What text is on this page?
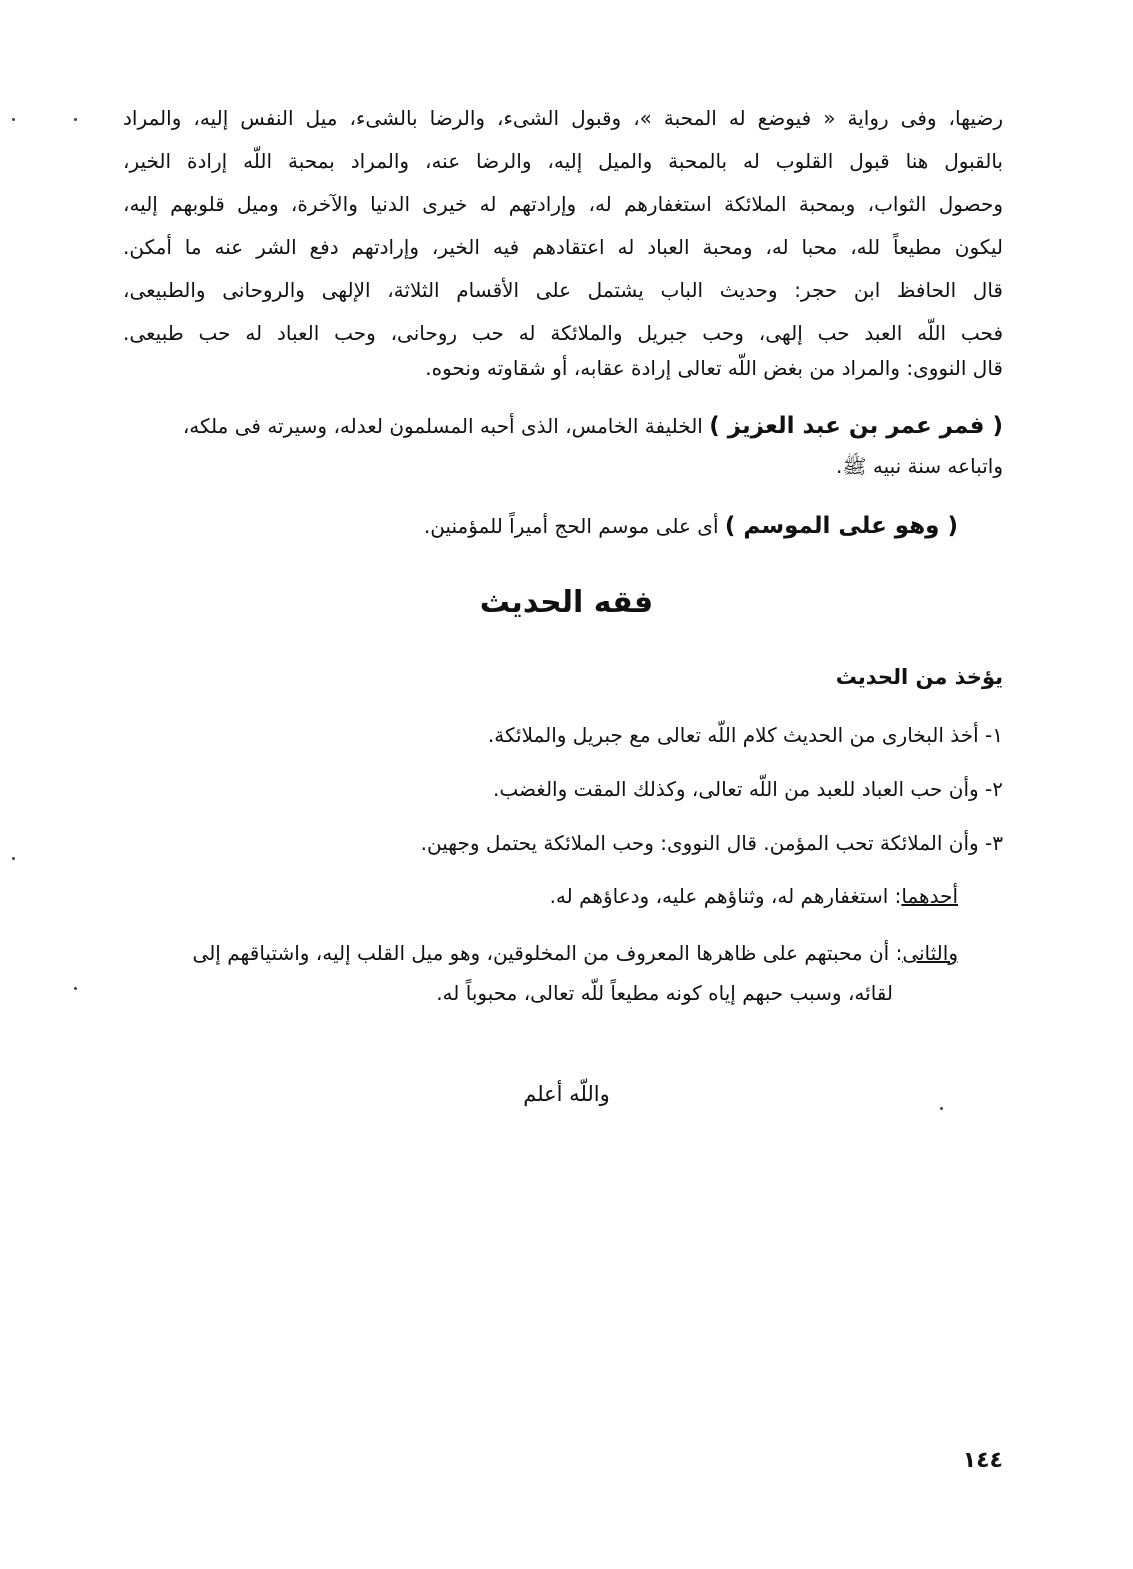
رضيها، وفى رواية « فيوضع له المحبة »، وقبول الشىء، والرضا بالشىء، ميل النفس إليه، والمراد
بالقبول هنا قبول القلوب له بالمحبة والميل إليه، والرضا عنه، والمراد بمحبة اللّه إرادة الخير،
وحصول الثواب، وبمحبة الملائكة استغفارهم له، وإرادتهم له خيرى الدنيا والآخرة، وميل قلوبهم إليه،
ليكون مطيعاً لله، محبا له، ومحبة العباد له اعتقادهم فيه الخير، وإرادتهم دفع الشر عنه ما أمكن.
قال الحافظ ابن حجر: وحديث الباب يشتمل على الأقسام الثلاثة، الإلهى والروحانى والطبيعى،
فحب اللّه العبد حب إلهى، وحب جبريل والملائكة له حب روحانى، وحب العباد له حب طبيعى.
قال النووى: والمراد من بغض اللّه تعالى إرادة عقابه، أو شقاوته ونحوه.
( فمر عمر بن عبد العزيز ) الخليفة الخامس، الذى أحبه المسلمون لعدله، وسيرته فى ملكه،
واتباعه سنة نبيه ﷺ.
( وهو على الموسم ) أى على موسم الحج أميراً للمؤمنين.
فقه الحديث
يؤخذ من الحديث
١- أخذ البخارى من الحديث كلام اللّه تعالى مع جبريل والملائكة.
٢- وأن حب العباد للعبد من اللّه تعالى، وكذلك المقت والغضب.
٣- وأن الملائكة تحب المؤمن. قال النووى: وحب الملائكة يحتمل وجهين.
أحدهما: استغفارهم له، وثناؤهم عليه، ودعاؤهم له.
والثانى: أن محبتهم على ظاهرها المعروف من المخلوقين، وهو ميل القلب إليه، واشتياقهم إلى
لقائه، وسبب حبهم إياه كونه مطيعاً للّه تعالى، محبوباً له.
واللّه أعلم
١٤٤
